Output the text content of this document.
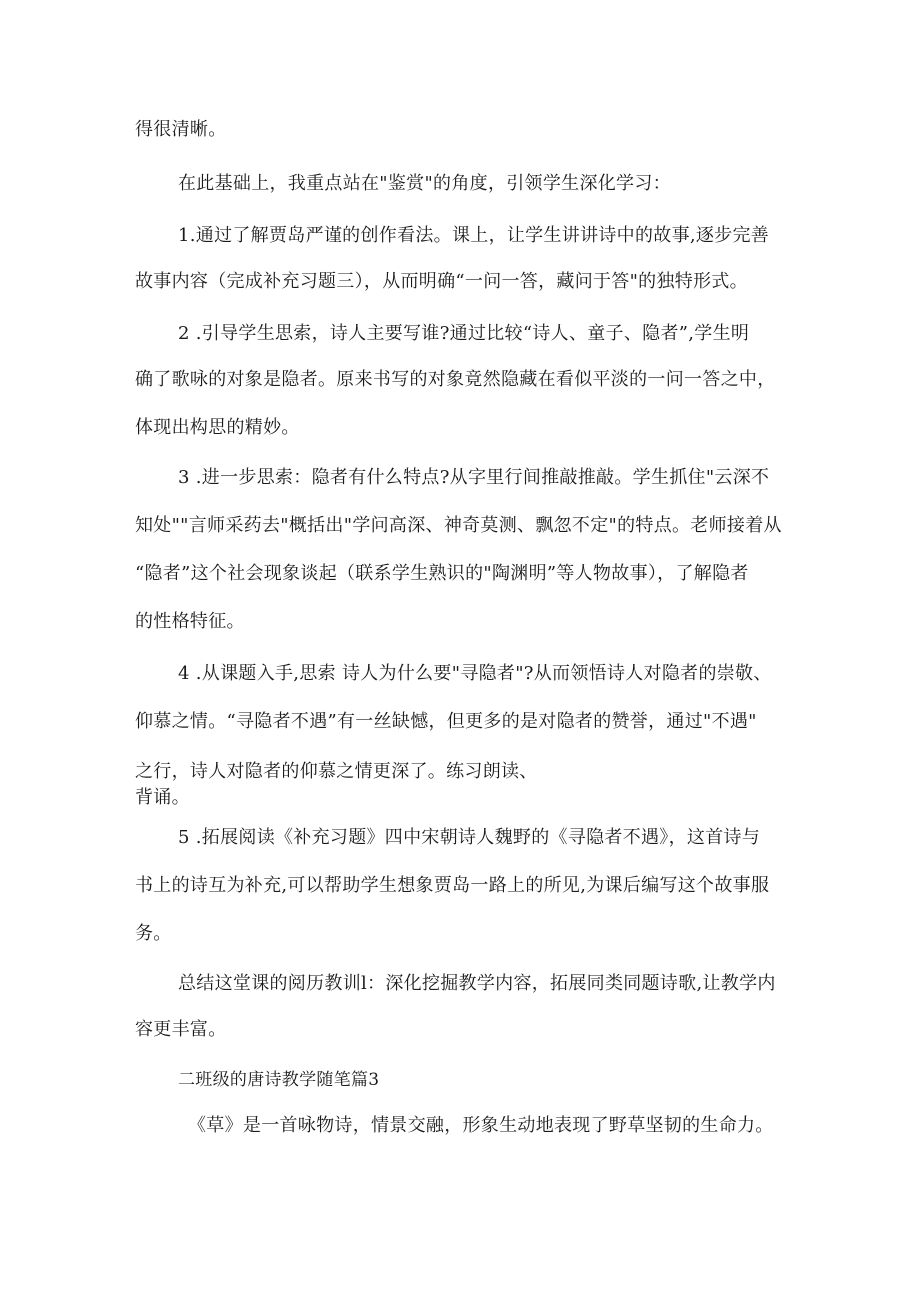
得很清晰。
在此基础上，我重点站在"鉴赏"的角度，引领学生深化学习：
1.通过了解贾岛严谨的创作看法。课上，让学生讲讲诗中的故事,逐步完善
故事内容（完成补充习题三），从而明确“一问一答，藏问于答"的独特形式。
2 .引导学生思索，诗人主要写谁?通过比较“诗人、童子、隐者”,学生明
确了歌咏的对象是隐者。原来书写的对象竟然隐藏在看似平淡的一问一答之中，
体现出构思的精妙。
3 .进一步思索：隐者有什么特点?从字里行间推敲推敲。学生抓住"云深不
知处""言师采药去"概括出"学问高深、神奇莫测、飘忽不定"的特点。老师接着从
“隐者”这个社会现象谈起（联系学生熟识的"陶渊明”等人物故事），了解隐者
的性格特征。
4 .从课题入手,思索 诗人为什么要"寻隐者"?从而领悟诗人对隐者的崇敬、
仰慕之情。“寻隐者不遇”有一丝缺憾，但更多的是对隐者的赞誉，通过"不遇"
之行，诗人对隐者的仰慕之情更深了。练习朗读、
背诵。
5 .拓展阅读《补充习题》四中宋朝诗人魏野的《寻隐者不遇》，这首诗与
书上的诗互为补充,可以帮助学生想象贾岛一路上的所见,为课后编写这个故事服
务。
总结这堂课的阅历教训l：深化挖掘教学内容，拓展同类同题诗歌,让教学内
容更丰富。
二班级的唐诗教学随笔篇3
《草》是一首咏物诗，情景交融，形象生动地表现了野草坚韧的生命力。
